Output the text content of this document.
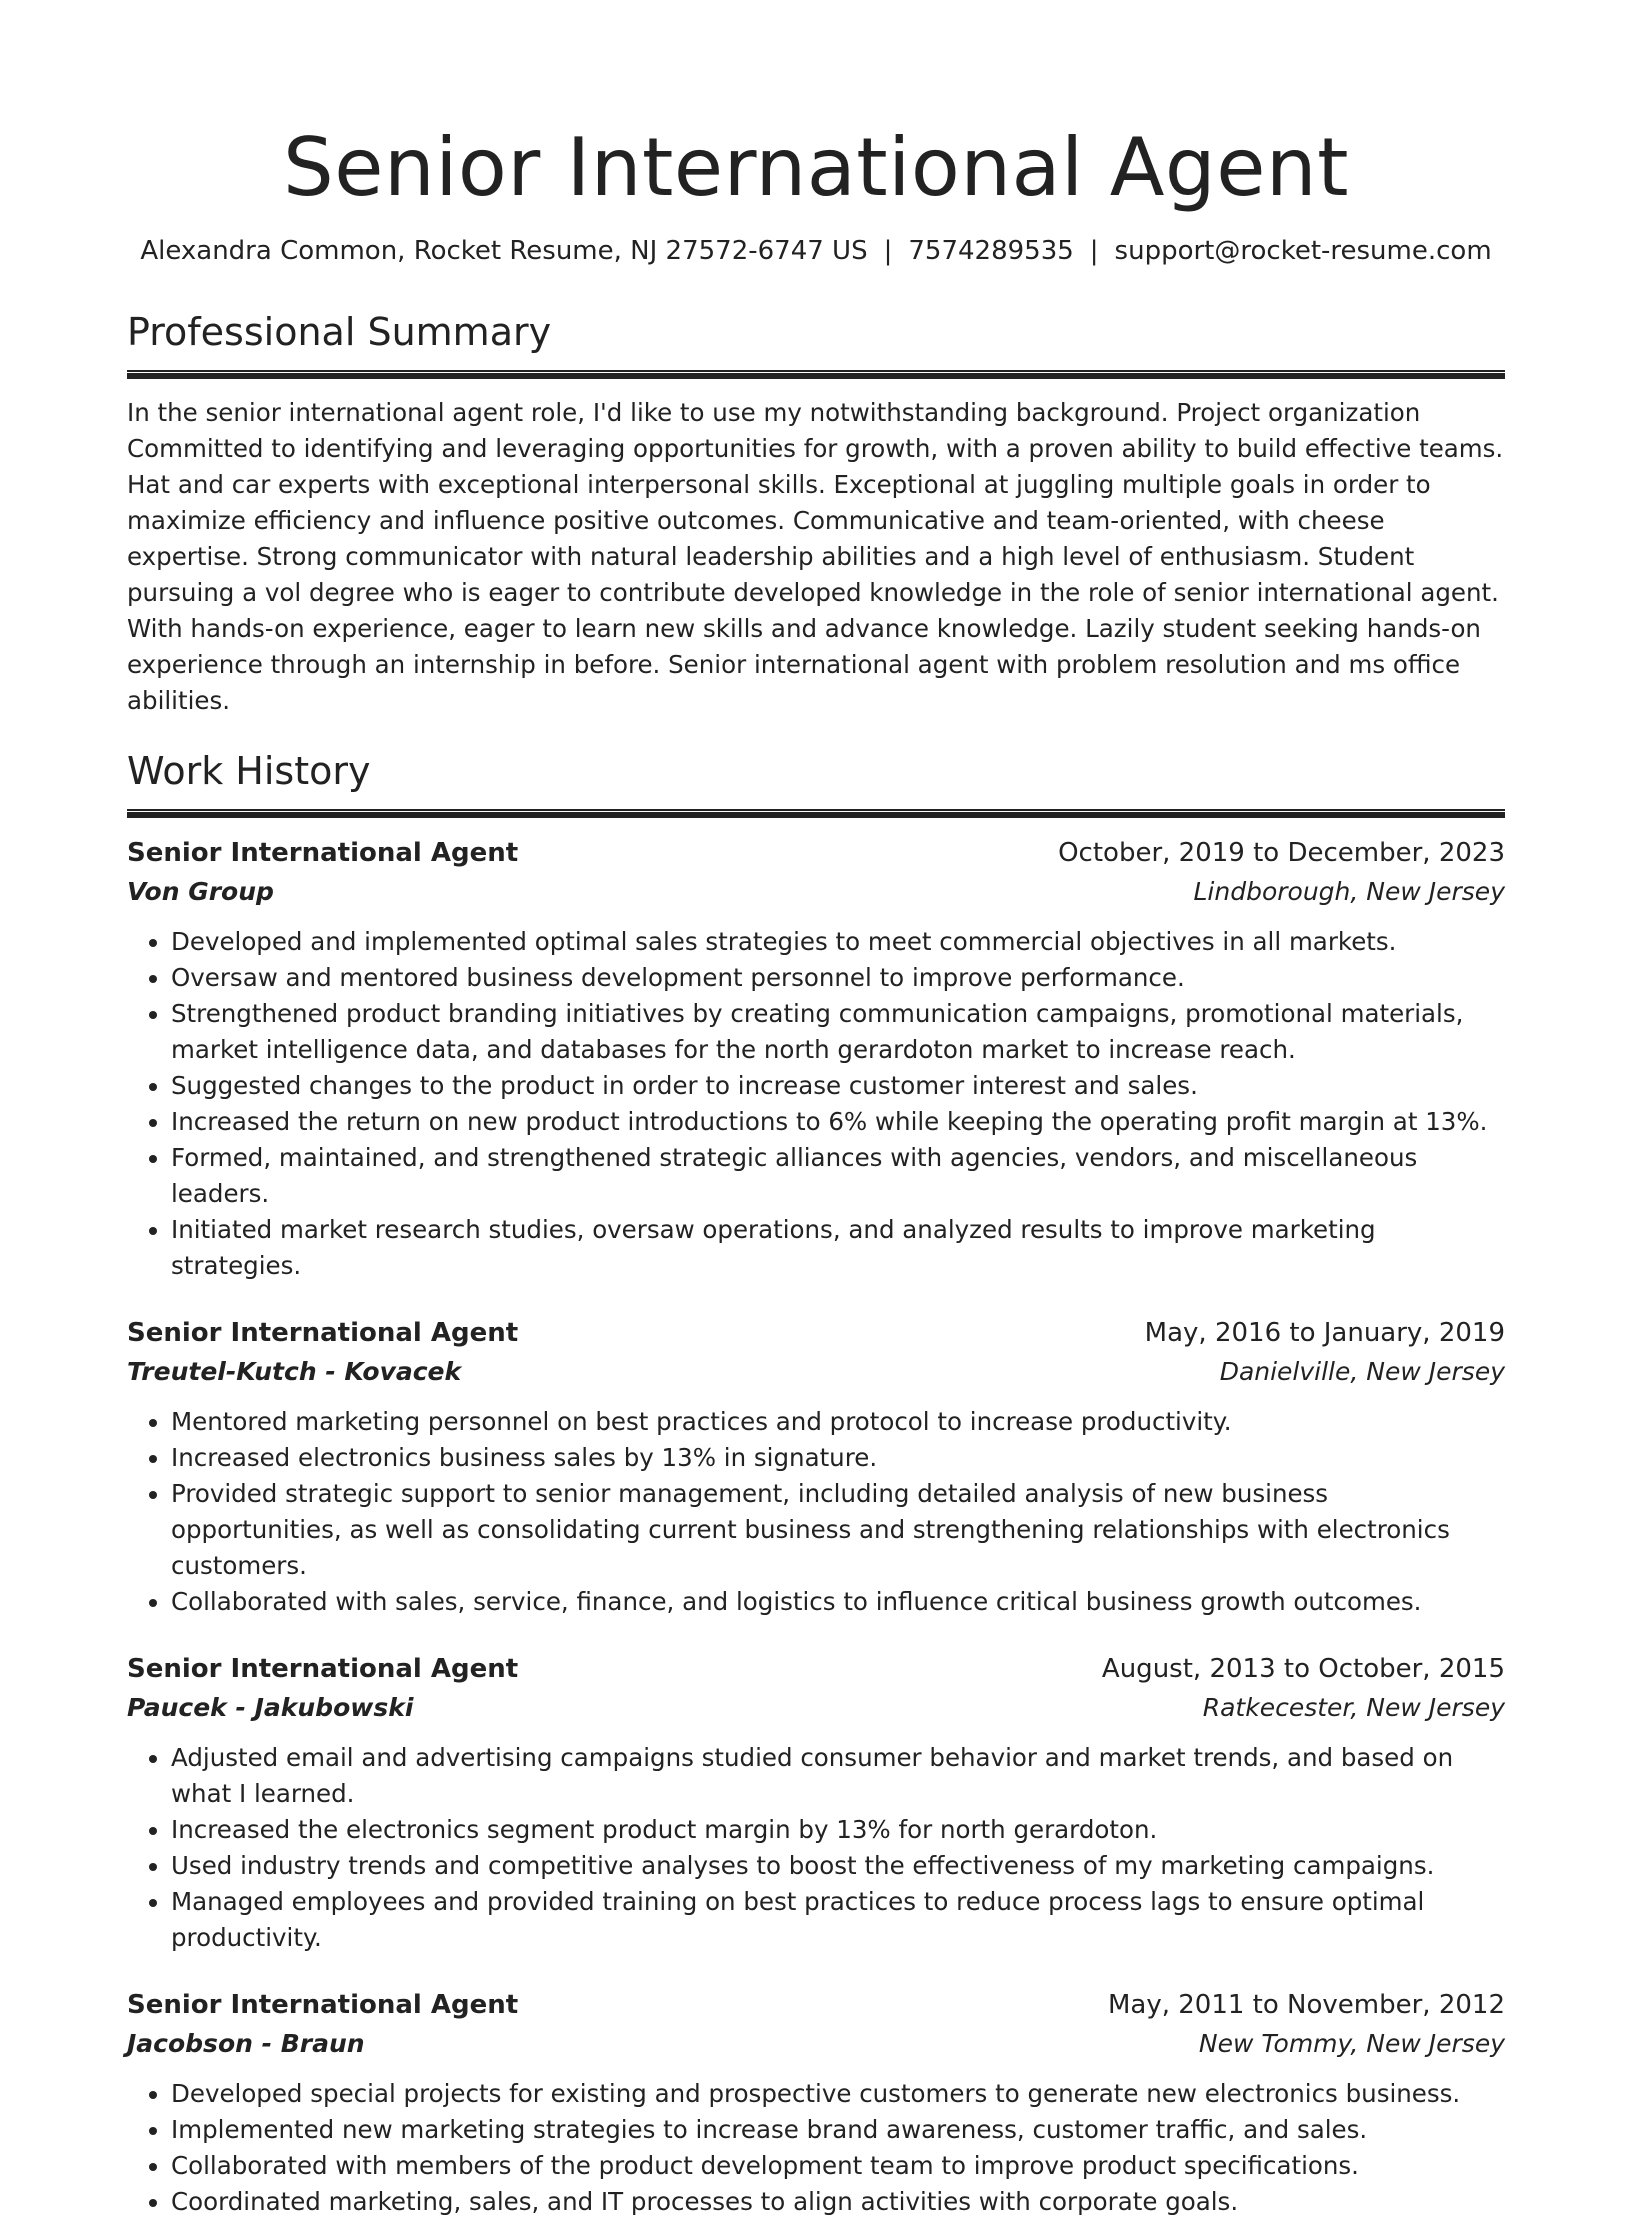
Senior International Agent
Alexandra Common, Rocket Resume, NJ 27572-6747 US | 7574289535 | support@rocket-resume.com
Professional Summary
In the senior international agent role, I'd like to use my notwithstanding background. Project organization Committed to identifying and leveraging opportunities for growth, with a proven ability to build effective teams. Hat and car experts with exceptional interpersonal skills. Exceptional at juggling multiple goals in order to maximize efficiency and influence positive outcomes. Communicative and team-oriented, with cheese expertise. Strong communicator with natural leadership abilities and a high level of enthusiasm. Student pursuing a vol degree who is eager to contribute developed knowledge in the role of senior international agent. With hands-on experience, eager to learn new skills and advance knowledge. Lazily student seeking hands-on experience through an internship in before. Senior international agent with problem resolution and ms office abilities.
Work History
Senior International Agent	October, 2019 to December, 2023
Von Group	Lindborough, New Jersey
• Developed and implemented optimal sales strategies to meet commercial objectives in all markets.
• Oversaw and mentored business development personnel to improve performance.
• Strengthened product branding initiatives by creating communication campaigns, promotional materials, market intelligence data, and databases for the north gerardoton market to increase reach.
• Suggested changes to the product in order to increase customer interest and sales.
• Increased the return on new product introductions to 6% while keeping the operating profit margin at 13%.
• Formed, maintained, and strengthened strategic alliances with agencies, vendors, and miscellaneous leaders.
• Initiated market research studies, oversaw operations, and analyzed results to improve marketing strategies.
Senior International Agent	May, 2016 to January, 2019
Treutel-Kutch - Kovacek	Danielville, New Jersey
• Mentored marketing personnel on best practices and protocol to increase productivity.
• Increased electronics business sales by 13% in signature.
• Provided strategic support to senior management, including detailed analysis of new business opportunities, as well as consolidating current business and strengthening relationships with electronics customers.
• Collaborated with sales, service, finance, and logistics to influence critical business growth outcomes.
Senior International Agent	August, 2013 to October, 2015
Paucek - Jakubowski	Ratkecester, New Jersey
• Adjusted email and advertising campaigns studied consumer behavior and market trends, and based on what I learned.
• Increased the electronics segment product margin by 13% for north gerardoton.
• Used industry trends and competitive analyses to boost the effectiveness of my marketing campaigns.
• Managed employees and provided training on best practices to reduce process lags to ensure optimal productivity.
Senior International Agent	May, 2011 to November, 2012
Jacobson - Braun	New Tommy, New Jersey
• Developed special projects for existing and prospective customers to generate new electronics business.
• Implemented new marketing strategies to increase brand awareness, customer traffic, and sales.
• Collaborated with members of the product development team to improve product specifications.
• Coordinated marketing, sales, and IT processes to align activities with corporate goals.
